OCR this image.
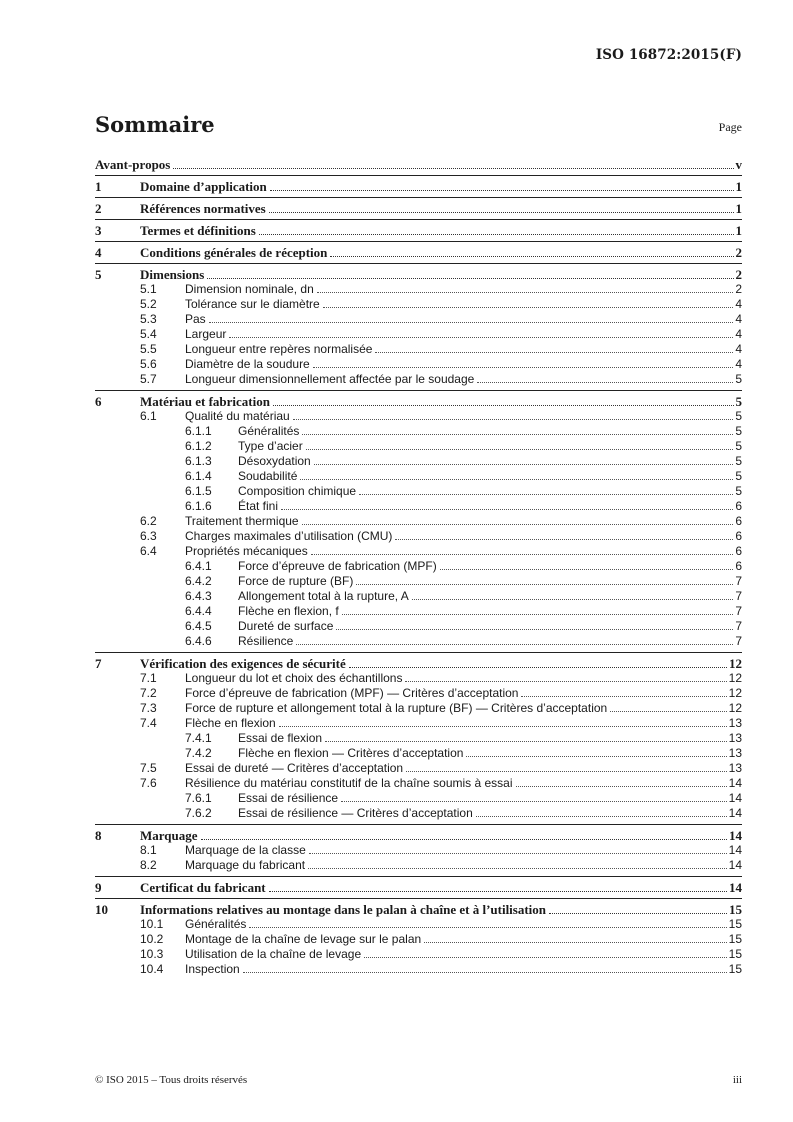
ISO 16872:2015(F)
Sommaire	Page
Avant-propos	v
1	Domaine d’application	1
2	Références normatives	1
3	Termes et définitions	1
4	Conditions générales de réception	2
5	Dimensions	2
5.1 Dimension nominale, dn	2
5.2 Tolérance sur le diamètre	4
5.3 Pas	4
5.4 Largeur	4
5.5 Longueur entre repères normalisée	4
5.6 Diamètre de la soudure	4
5.7 Longueur dimensionnellement affectée par le soudage	5
6	Matériau et fabrication	5
6.1 Qualité du matériau	5
6.1.1 Généralités	5
6.1.2 Type d’acier	5
6.1.3 Désoxydation	5
6.1.4 Soudabilité	5
6.1.5 Composition chimique	5
6.1.6 État fini	6
6.2 Traitement thermique	6
6.3 Charges maximales d’utilisation (CMU)	6
6.4 Propriétés mécaniques	6
6.4.1 Force d’épreuve de fabrication (MPF)	6
6.4.2 Force de rupture (BF)	7
6.4.3 Allongement total à la rupture, A	7
6.4.4 Flèche en flexion, f	7
6.4.5 Dureté de surface	7
6.4.6 Résilience	7
7	Vérification des exigences de sécurité	12
7.1 Longueur du lot et choix des échantillons	12
7.2 Force d’épreuve de fabrication (MPF) — Critères d’acceptation	12
7.3 Force de rupture et allongement total à la rupture (BF) — Critères d’acceptation	12
7.4 Flèche en flexion	13
7.4.1 Essai de flexion	13
7.4.2 Flèche en flexion — Critères d’acceptation	13
7.5 Essai de dureté — Critères d’acceptation	13
7.6 Résilience du matériau constitutif de la chaîne soumis à essai	14
7.6.1 Essai de résilience	14
7.6.2 Essai de résilience — Critères d’acceptation	14
8	Marquage	14
8.1 Marquage de la classe	14
8.2 Marquage du fabricant	14
9	Certificat du fabricant	14
10 Informations relatives au montage dans le palan à chaîne et à l’utilisation	15
10.1 Généralités	15
10.2 Montage de la chaîne de levage sur le palan	15
10.3 Utilisation de la chaîne de levage	15
10.4 Inspection	15
© ISO 2015 – Tous droits réservés	iii
